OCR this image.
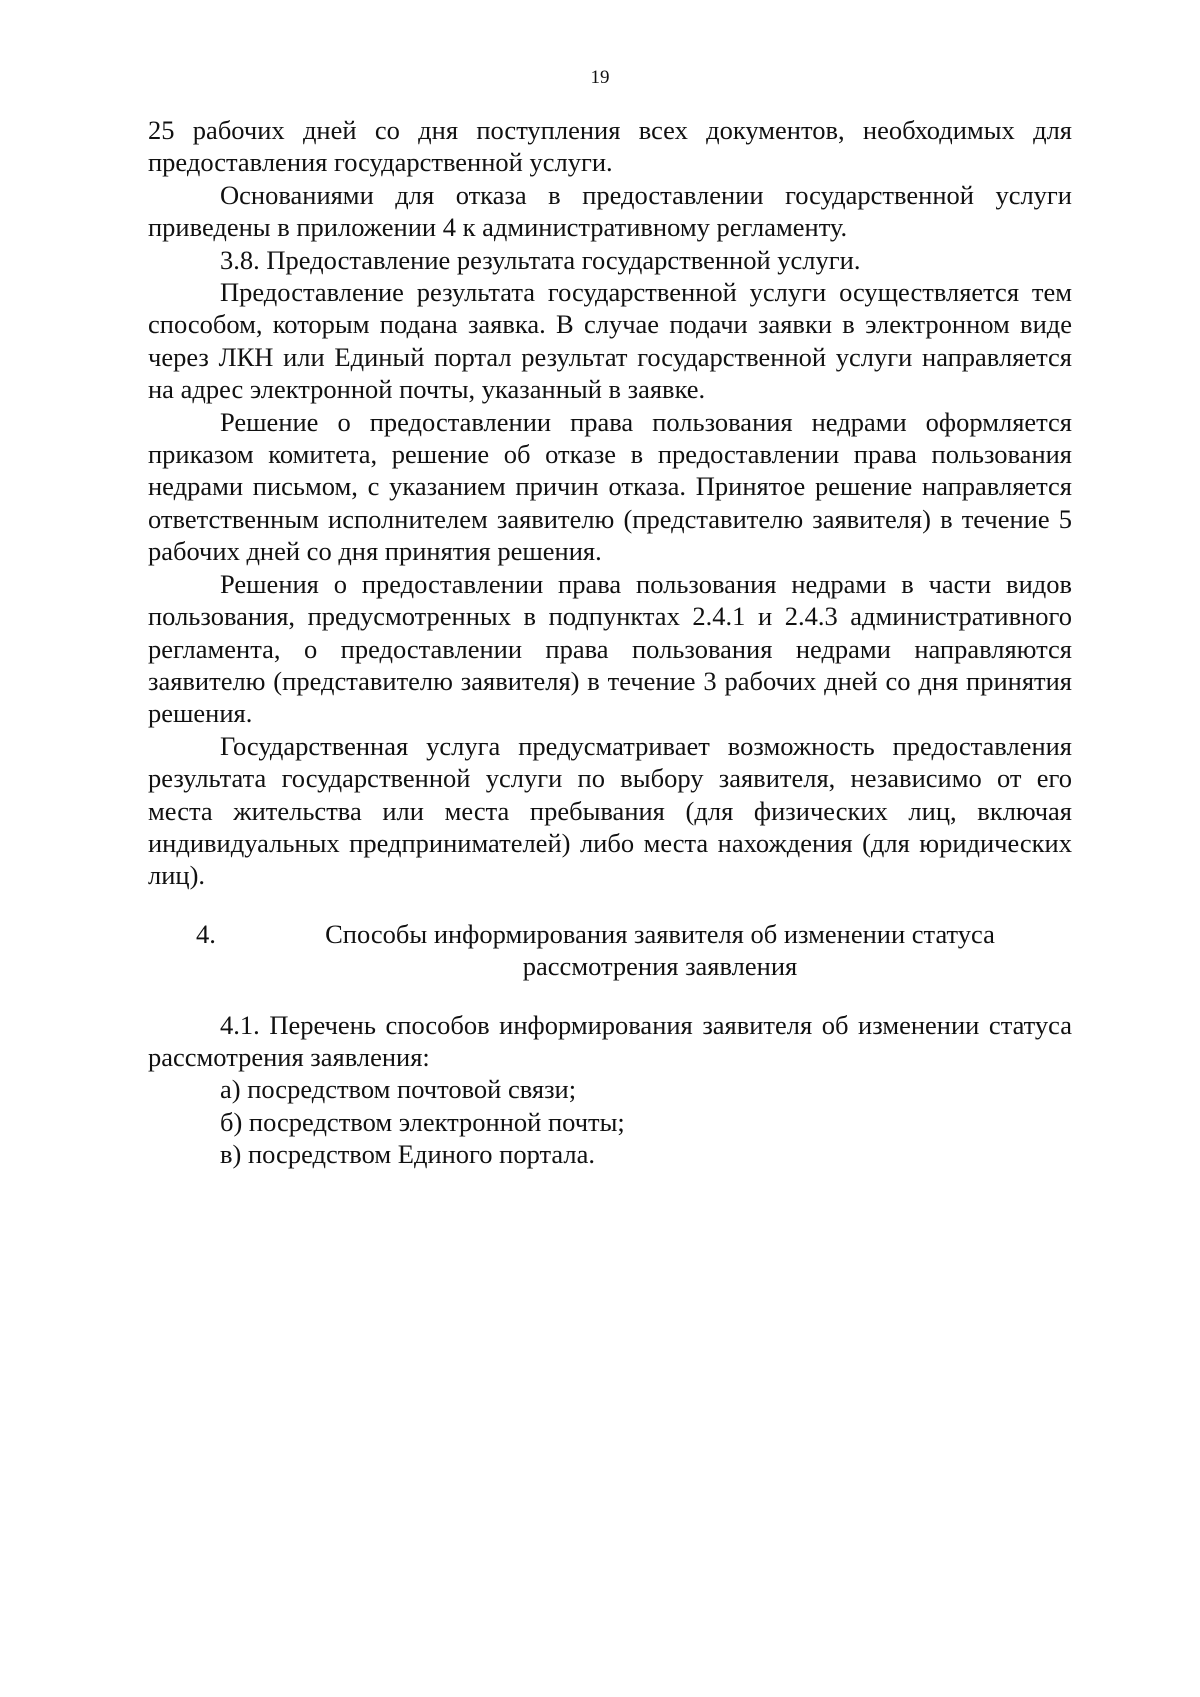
19

25 рабочих дней со дня поступления всех документов, необходимых для предоставления государственной услуги.

Основаниями для отказа в предоставлении государственной услуги приведены в приложении 4 к административному регламенту.

3.8. Предоставление результата государственной услуги.

Предоставление результата государственной услуги осуществляется тем способом, которым подана заявка. В случае подачи заявки в электронном виде через ЛКН или Единый портал результат государственной услуги направляется на адрес электронной почты, указанный в заявке.

Решение о предоставлении права пользования недрами оформляется приказом комитета, решение об отказе в предоставлении права пользования недрами письмом, с указанием причин отказа. Принятое решение направляется ответственным исполнителем заявителю (представителю заявителя) в течение 5 рабочих дней со дня принятия решения.

Решения о предоставлении права пользования недрами в части видов пользования, предусмотренных в подпунктах 2.4.1 и 2.4.3 административного регламента, о предоставлении права пользования недрами направляются заявителю (представителю заявителя) в течение 3 рабочих дней со дня принятия решения.

Государственная услуга предусматривает возможность предоставления результата государственной услуги по выбору заявителя, независимо от его места жительства или места пребывания (для физических лиц, включая индивидуальных предпринимателей) либо места нахождения (для юридических лиц).

4.	Способы информирования заявителя об изменении статуса
рассмотрения заявления

4.1. Перечень способов информирования заявителя об изменении статуса рассмотрения заявления:

а) посредством почтовой связи;

б) посредством электронной почты;

в) посредством Единого портала.
